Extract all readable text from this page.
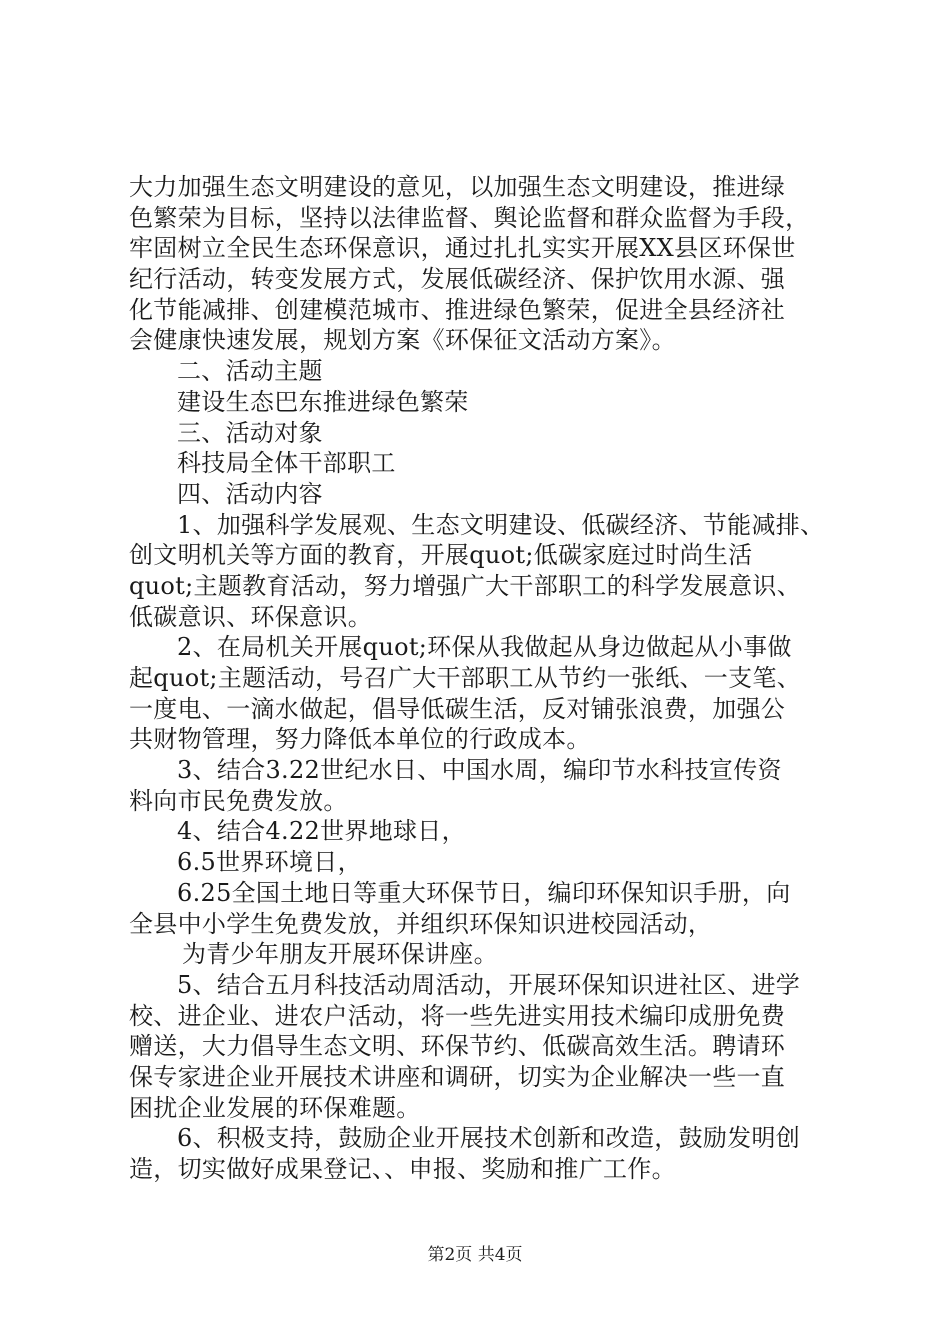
大力加强生态文明建设的意见，以加强生态文明建设，推进绿
色繁荣为目标，坚持以法律监督、舆论监督和群众监督为手段，
牢固树立全民生态环保意识，通过扎扎实实开展XX县区环保世
纪行活动，转变发展方式，发展低碳经济、保护饮用水源、强
化节能减排、创建模范城市、推进绿色繁荣，促进全县经济社
会健康快速发展，规划方案《环保征文活动方案》。
二、活动主题
建设生态巴东推进绿色繁荣
三、活动对象
科技局全体干部职工
四、活动内容
1、加强科学发展观、生态文明建设、低碳经济、节能减排、
创文明机关等方面的教育，开展quot;低碳家庭过时尚生活
quot;主题教育活动，努力增强广大干部职工的科学发展意识、
低碳意识、环保意识。
2、在局机关开展quot;环保从我做起从身边做起从小事做
起quot;主题活动，号召广大干部职工从节约一张纸、一支笔、
一度电、一滴水做起，倡导低碳生活，反对铺张浪费，加强公
共财物管理，努力降低本单位的行政成本。
3、结合3.22世纪水日、中国水周，编印节水科技宣传资
料向市民免费发放。
4、结合4.22世界地球日，
6.5世界环境日，
6.25全国土地日等重大环保节日，编印环保知识手册，向
全县中小学生免费发放，并组织环保知识进校园活动，
为青少年朋友开展环保讲座。
5、结合五月科技活动周活动，开展环保知识进社区、进学
校、进企业、进农户活动，将一些先进实用技术编印成册免费
赠送，大力倡导生态文明、环保节约、低碳高效生活。聘请环
保专家进企业开展技术讲座和调研，切实为企业解决一些一直
困扰企业发展的环保难题。
6、积极支持，鼓励企业开展技术创新和改造，鼓励发明创
造，切实做好成果登记、、申报、奖励和推广工作。
第2页 共4页
